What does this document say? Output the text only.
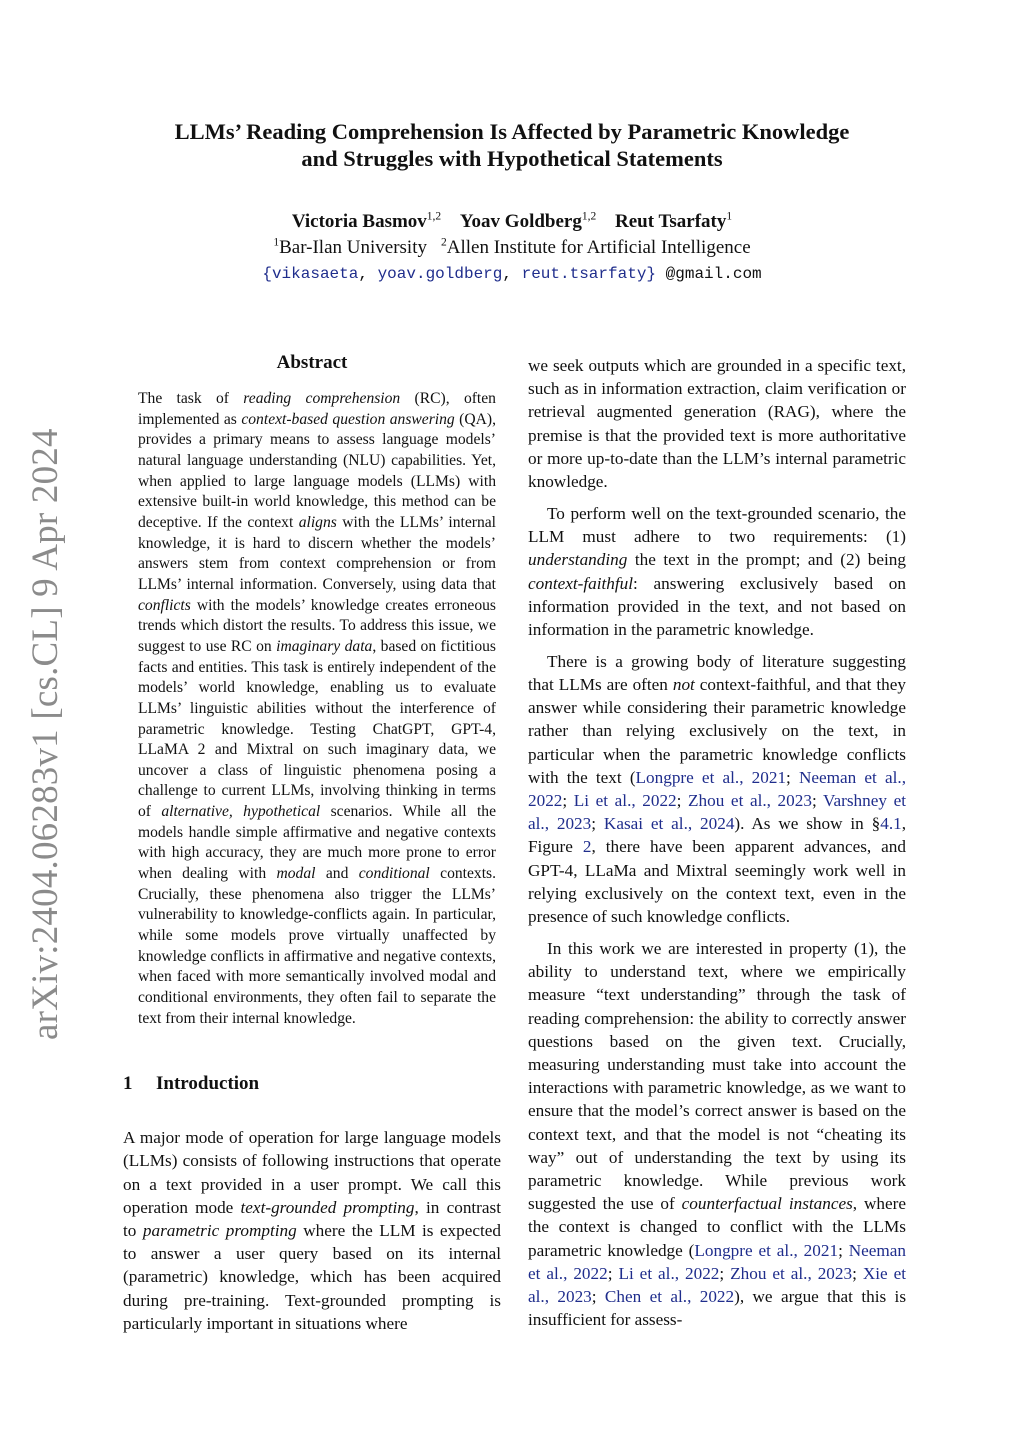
arXiv:2404.06283v1 [cs.CL] 9 Apr 2024
LLMs’ Reading Comprehension Is Affected by Parametric Knowledge
and Struggles with Hypothetical Statements
Victoria Basmov$^{1,2}$ Yoav Goldberg$^{1,2}$ Reut Tsarfaty$^1$
$^1$Bar-Ilan University $^2$Allen Institute for Artificial Intelligence
{vikasaeta, yoav.goldberg, reut.tsarfaty} @gmail.com
Abstract

The task of reading comprehension (RC), often implemented as context-based question answering (QA), provides a primary means to assess language models’ natural language understanding (NLU) capabilities. Yet, when applied to large language models (LLMs) with extensive built-in world knowledge, this method can be deceptive. If the context aligns with the LLMs’ internal knowledge, it is hard to discern whether the models’ answers stem from context comprehension or from LLMs’ internal information. Conversely, using data that conflicts with the models’ knowledge creates erroneous trends which distort the results. To address this issue, we suggest to use RC on imaginary data, based on fictitious facts and entities. This task is entirely independent of the models’ world knowledge, enabling us to evaluate LLMs’ linguistic abilities without the interference of parametric knowledge. Testing ChatGPT, GPT-4, LLaMA 2 and Mixtral on such imaginary data, we uncover a class of linguistic phenomena posing a challenge to current LLMs, involving thinking in terms of alternative, hypothetical scenarios. While all the models handle simple affirmative and negative contexts with high accuracy, they are much more prone to error when dealing with modal and conditional contexts. Crucially, these phenomena also trigger the LLMs’ vulnerability to knowledge-conflicts again. In particular, while some models prove virtually unaffected by knowledge conflicts in affirmative and negative contexts, when faced with more semantically involved modal and conditional environments, they often fail to separate the text from their internal knowledge.

1 Introduction

A major mode of operation for large language models (LLMs) consists of following instructions that operate on a text provided in a user prompt. We call this operation mode text-grounded prompting, in contrast to parametric prompting where the LLM is expected to answer a user query based on its internal (parametric) knowledge, which has been acquired during pre-training. Text-grounded prompting is particularly important in situations where

we seek outputs which are grounded in a specific text, such as in information extraction, claim verification or retrieval augmented generation (RAG), where the premise is that the provided text is more authoritative or more up-to-date than the LLM’s internal parametric knowledge.

To perform well on the text-grounded scenario, the LLM must adhere to two requirements: (1) understanding the text in the prompt; and (2) being context-faithful: answering exclusively based on information provided in the text, and not based on information in the parametric knowledge.

There is a growing body of literature suggesting that LLMs are often not context-faithful, and that they answer while considering their parametric knowledge rather than relying exclusively on the text, in particular when the parametric knowledge conflicts with the text (Longpre et al., 2021; Neeman et al., 2022; Li et al., 2022; Zhou et al., 2023; Varshney et al., 2023; Kasai et al., 2024). As we show in §4.1, Figure 2, there have been apparent advances, and GPT-4, LLaMa and Mixtral seemingly work well in relying exclusively on the context text, even in the presence of such knowledge conflicts.

In this work we are interested in property (1), the ability to understand text, where we empirically measure “text understanding” through the task of reading comprehension: the ability to correctly answer questions based on the given text. Crucially, measuring understanding must take into account the interactions with parametric knowledge, as we want to ensure that the model’s correct answer is based on the context text, and that the model is not “cheating its way” out of understanding the text by using its parametric knowledge. While previous work suggested the use of counterfactual instances, where the context is changed to conflict with the LLMs parametric knowledge (Longpre et al., 2021; Neeman et al., 2022; Li et al., 2022; Zhou et al., 2023; Xie et al., 2023; Chen et al., 2022), we argue that this is insufficient for assess-
